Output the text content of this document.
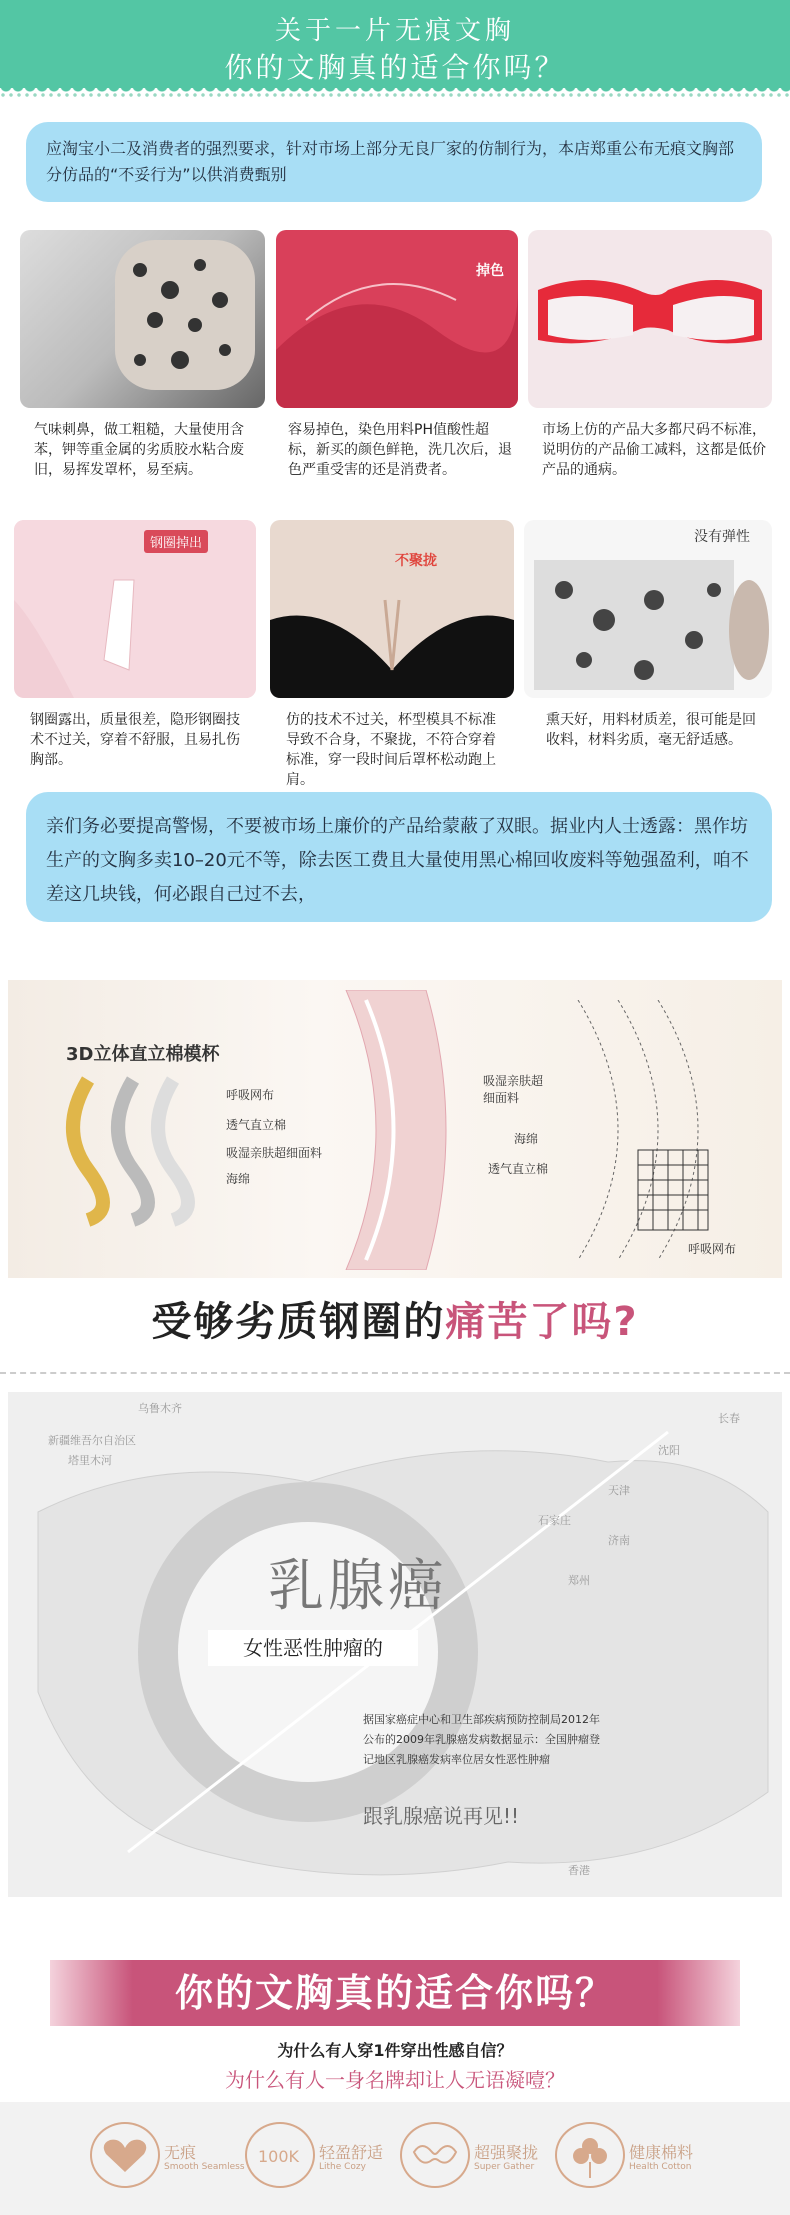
关于一片无痕文胸
你的文胸真的适合你吗？
应淘宝小二及消费者的强烈要求，针对市场上部分无良厂家的仿制行为，本店郑重公布无痕文胸部分仿品的“不妥行为”以供消费甄别
气味刺鼻，做工粗糙，大量使用含苯，钾等重金属的劣质胶水粘合废旧，易挥发罩杯，易至病。
掉色
容易掉色，染色用料PH值酸性超标，新买的颜色鲜艳，洗几次后，退色严重受害的还是消费者。
市场上仿的产品大多都尺码不标准，说明仿的产品偷工减料，这都是低价产品的通病。
钢圈掉出
钢圈露出，质量很差，隐形钢圈技术不过关，穿着不舒服，且易扎伤胸部。
不聚拢
仿的技术不过关，杯型模具不标准导致不合身，不聚拢，不符合穿着标准，穿一段时间后罩杯松动跑上肩。
没有弹性
熏天好，用料材质差，很可能是回收料，材料劣质，毫无舒适感。
亲们务必要提高警惕，不要被市场上廉价的产品给蒙蔽了双眼。据业内人士透露：黑作坊生产的文胸多卖10–20元不等，除去医工费且大量使用黑心棉回收废料等勉强盈利，咱不差这几块钱，何必跟自己过不去，
3D立体直立棉模杯
呼吸网布
透气直立棉
吸湿亲肤超细面料
海绵
吸湿亲肤超细面料
海绵
透气直立棉
呼吸网布
受够劣质钢圈的痛苦了吗?
乌鲁木齐
新疆维吾尔自治区
塔里木河
长春
沈阳
天津
石家庄
济南
郑州
香港
乳腺癌
女性恶性肿瘤的
据国家癌症中心和卫生部疾病预防控制局2012年公布的2009年乳腺癌发病数据显示：全国肿瘤登记地区乳腺癌发病率位居女性恶性肿瘤
跟乳腺癌说再见!!
你的文胸真的适合你吗？
为什么有人穿1件穿出性感自信？
为什么有人一身名牌却让人无语凝噎？
无痕
Smooth Seamless
100K 轻盈舒适
Lithe Cozy
超强聚拢
Super Gather
健康棉料
Health Cotton
